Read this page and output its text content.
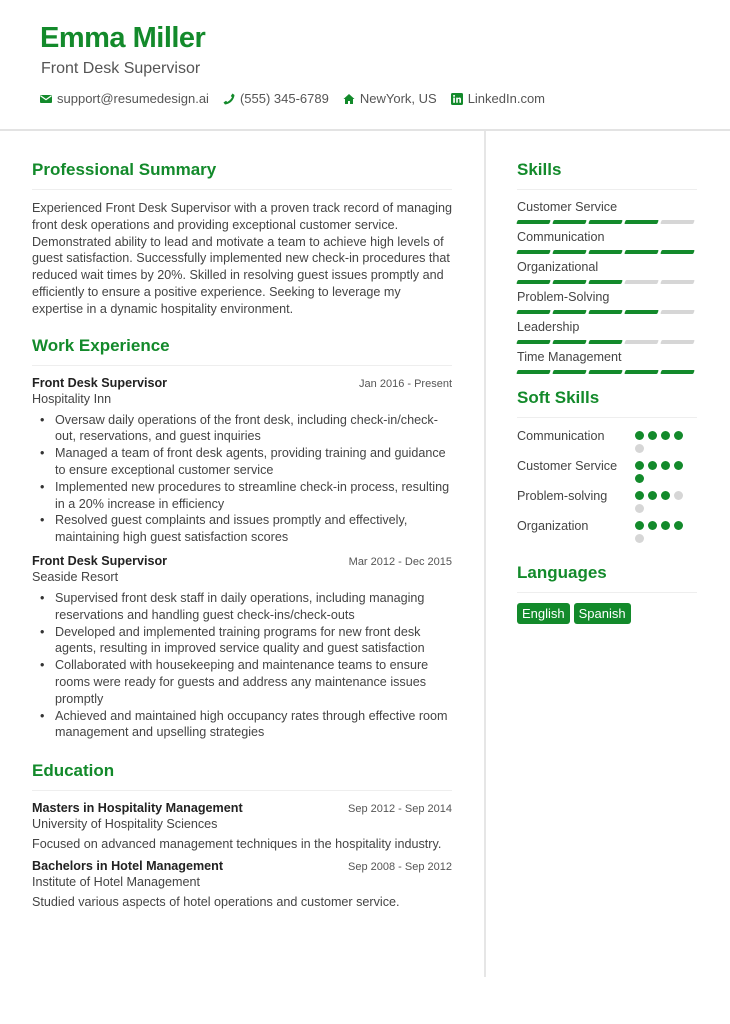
Emma Miller
Front Desk Supervisor
support@resumedesign.ai (555) 345-6789 NewYork, US LinkedIn.com
Professional Summary

Experienced Front Desk Supervisor with a proven track record of managing front desk operations and providing exceptional customer service. Demonstrated ability to lead and motivate a team to achieve high levels of guest satisfaction. Successfully implemented new check-in procedures that reduced wait times by 20%. Skilled in resolving guest issues promptly and efficiently to ensure a positive experience. Seeking to leverage my expertise in a dynamic hospitality environment.

Work Experience
Front Desk Supervisor	Jan 2016 - Present
Hospitality Inn
• Oversaw daily operations of the front desk, including check-in/check-out, reservations, and guest inquiries
• Managed a team of front desk agents, providing training and guidance to ensure exceptional customer service
• Implemented new procedures to streamline check-in process, resulting in a 20% increase in efficiency
• Resolved guest complaints and issues promptly and effectively, maintaining high guest satisfaction scores
Front Desk Supervisor	Mar 2012 - Dec 2015
Seaside Resort
• Supervised front desk staff in daily operations, including managing reservations and handling guest check-ins/check-outs
• Developed and implemented training programs for new front desk agents, resulting in improved service quality and guest satisfaction
• Collaborated with housekeeping and maintenance teams to ensure rooms were ready for guests and address any maintenance issues promptly
• Achieved and maintained high occupancy rates through effective room management and upselling strategies
Education
Masters in Hospitality Management	Sep 2012 - Sep 2014
University of Hospitality Sciences
Focused on advanced management techniques in the hospitality industry.
Bachelors in Hotel Management	Sep 2008 - Sep 2012
Institute of Hotel Management
Studied various aspects of hotel operations and customer service.
Skills
Customer Service
Communication
Organizational
Problem-Solving
Leadership
Time Management
Soft Skills
Communication
Customer Service
Problem-solving
Organization
Languages
English	Spanish
